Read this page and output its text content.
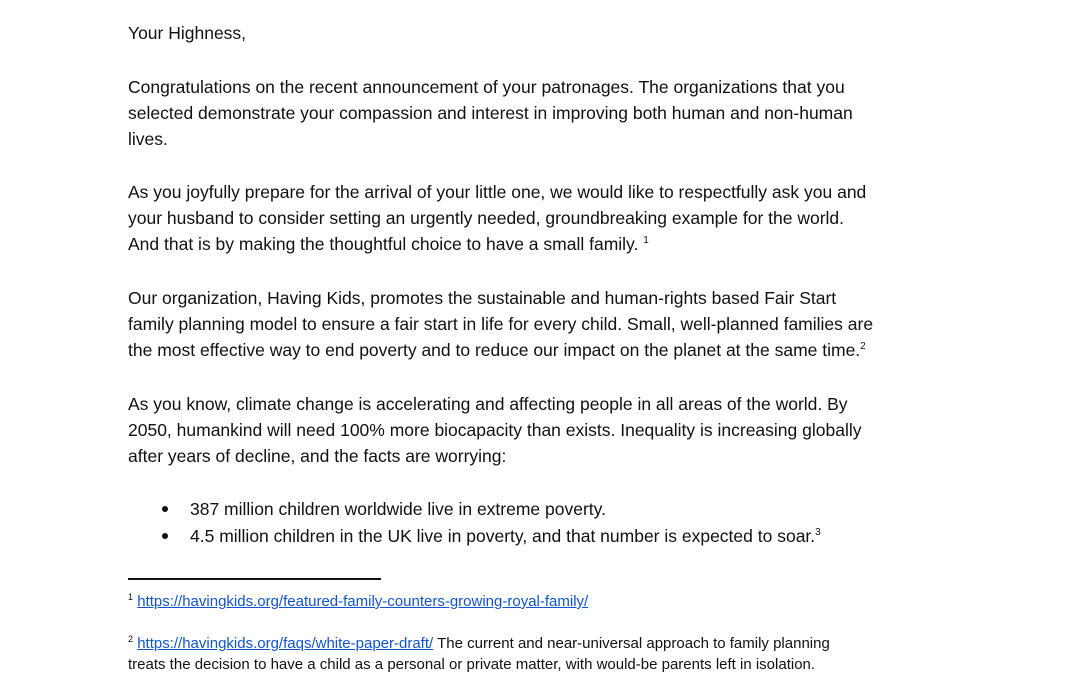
Your Highness,
Congratulations on the recent announcement of your patronages. The organizations that you
selected demonstrate your compassion and interest in improving both human and non-human
lives.
As you joyfully prepare for the arrival of your little one, we would like to respectfully ask you and
your husband to consider setting an urgently needed, groundbreaking example for the world.
And that is by making the thoughtful choice to have a small family. $^1$
Our organization, Having Kids, promotes the sustainable and human-rights based Fair Start
family planning model to ensure a fair start in life for every child. Small, well-planned families are
the most effective way to end poverty and to reduce our impact on the planet at the same time.$^2$
As you know, climate change is accelerating and affecting people in all areas of the world. By
2050, humankind will need 100% more biocapacity than exists. Inequality is increasing globally
after years of decline, and the facts are worrying:
387 million children worldwide live in extreme poverty.
4.5 million children in the UK live in poverty, and that number is expected to soar.$^3$
$^1$ https://havingkids.org/featured-family-counters-growing-royal-family/
$^2$ https://havingkids.org/faqs/white-paper-draft/ The current and near-universal approach to family planning
treats the decision to have a child as a personal or private matter, with would-be parents left in isolation.
